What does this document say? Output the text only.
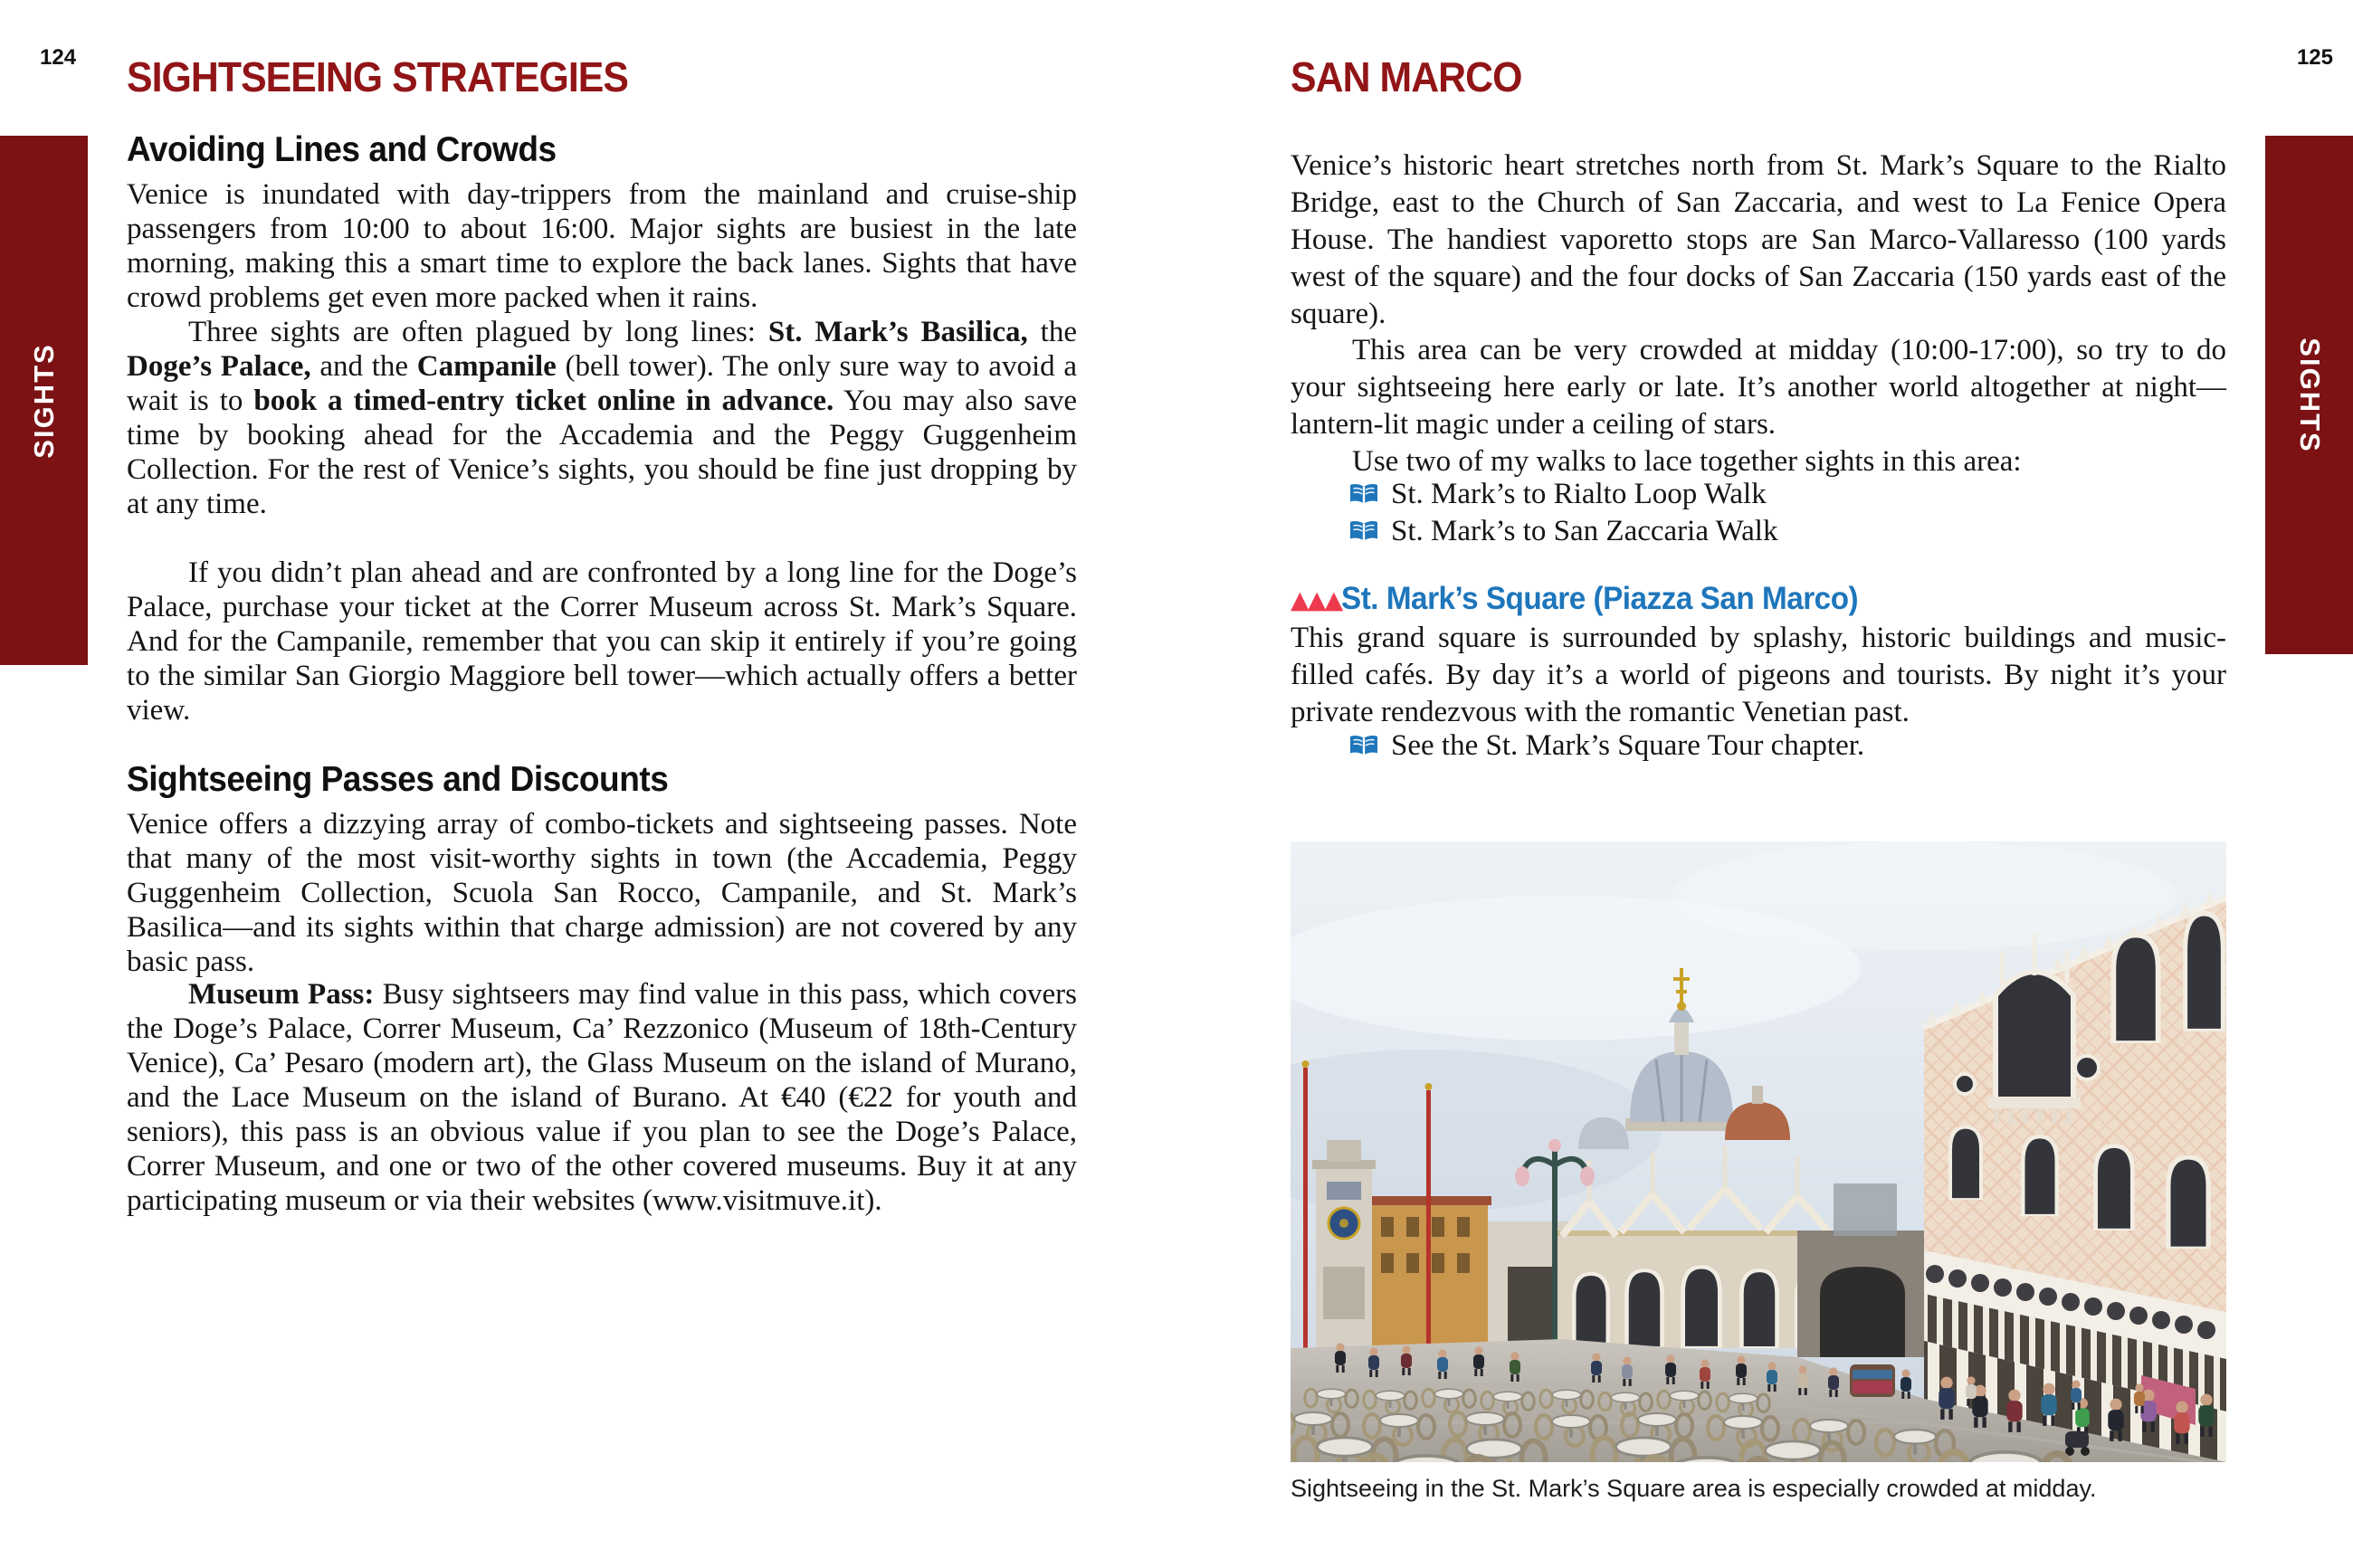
SIGHTS	SIGHTS
124	125
SIGHTSEEING STRATEGIES
Avoiding Lines and Crowds

Venice is inundated with day-trippers from the mainland and cruise-ship passengers from 10:00 to about 16:00. Major sights are busiest in the late morning, making this a smart time to explore the back lanes. Sights that have crowd problems get even more packed when it rains.

Three sights are often plagued by long lines: St. Mark’s Basilica, the Doge’s Palace, and the Campanile (bell tower). The only sure way to avoid a wait is to book a timed-entry ticket online in advance. You may also save time by booking ahead for the Accademia and the Peggy Guggenheim Collection. For the rest of Venice’s sights, you should be fine just dropping by at any time.

If you didn’t plan ahead and are confronted by a long line for the Doge’s Palace, purchase your ticket at the Correr Museum across St. Mark’s Square. And for the Campanile, remember that you can skip it entirely if you’re going to the similar San Giorgio Maggiore bell tower—which actually offers a better view.

Sightseeing Passes and Discounts

Venice offers a dizzying array of combo-tickets and sightseeing passes. Note that many of the most visit-worthy sights in town (the Accademia, Peggy Guggenheim Collection, Scuola San Rocco, Campanile, and St. Mark’s Basilica—and its sights within that charge admission) are not covered by any basic pass.

Museum Pass: Busy sightseers may find value in this pass, which covers the Doge’s Palace, Correr Museum, Ca’ Rezzonico (Museum of 18th-Century Venice), Ca’ Pesaro (modern art), the Glass Museum on the island of Murano, and the Lace Museum on the island of Burano. At €40 (€22 for youth and seniors), this pass is an obvious value if you plan to see the Doge’s Palace, Correr Museum, and one or two of the other covered museums. Buy it at any participating museum or via their websites (www.visitmuve.it).

SAN MARCO

Venice’s historic heart stretches north from St. Mark’s Square to the Rialto Bridge, east to the Church of San Zaccaria, and west to La Fenice Opera House. The handiest vaporetto stops are San Marco-Vallaresso (100 yards west of the square) and the four docks of San Zaccaria (150 yards east of the square).

This area can be very crowded at midday (10:00-17:00), so try to do your sightseeing here early or late. It’s another world altogether at night—lantern-lit magic under a ceiling of stars.

Use two of my walks to lace together sights in this area:

St. Mark’s to Rialto Loop Walk
St. Mark’s to San Zaccaria Walk
▲▲▲ St. Mark’s Square (Piazza San Marco)

This grand square is surrounded by splashy, historic buildings and music-filled cafés. By day it’s a world of pigeons and tourists. By night it’s your private rendezvous with the romantic Venetian past.

See the St. Mark’s Square Tour chapter.
Sightseeing in the St. Mark’s Square area is especially crowded at midday.
